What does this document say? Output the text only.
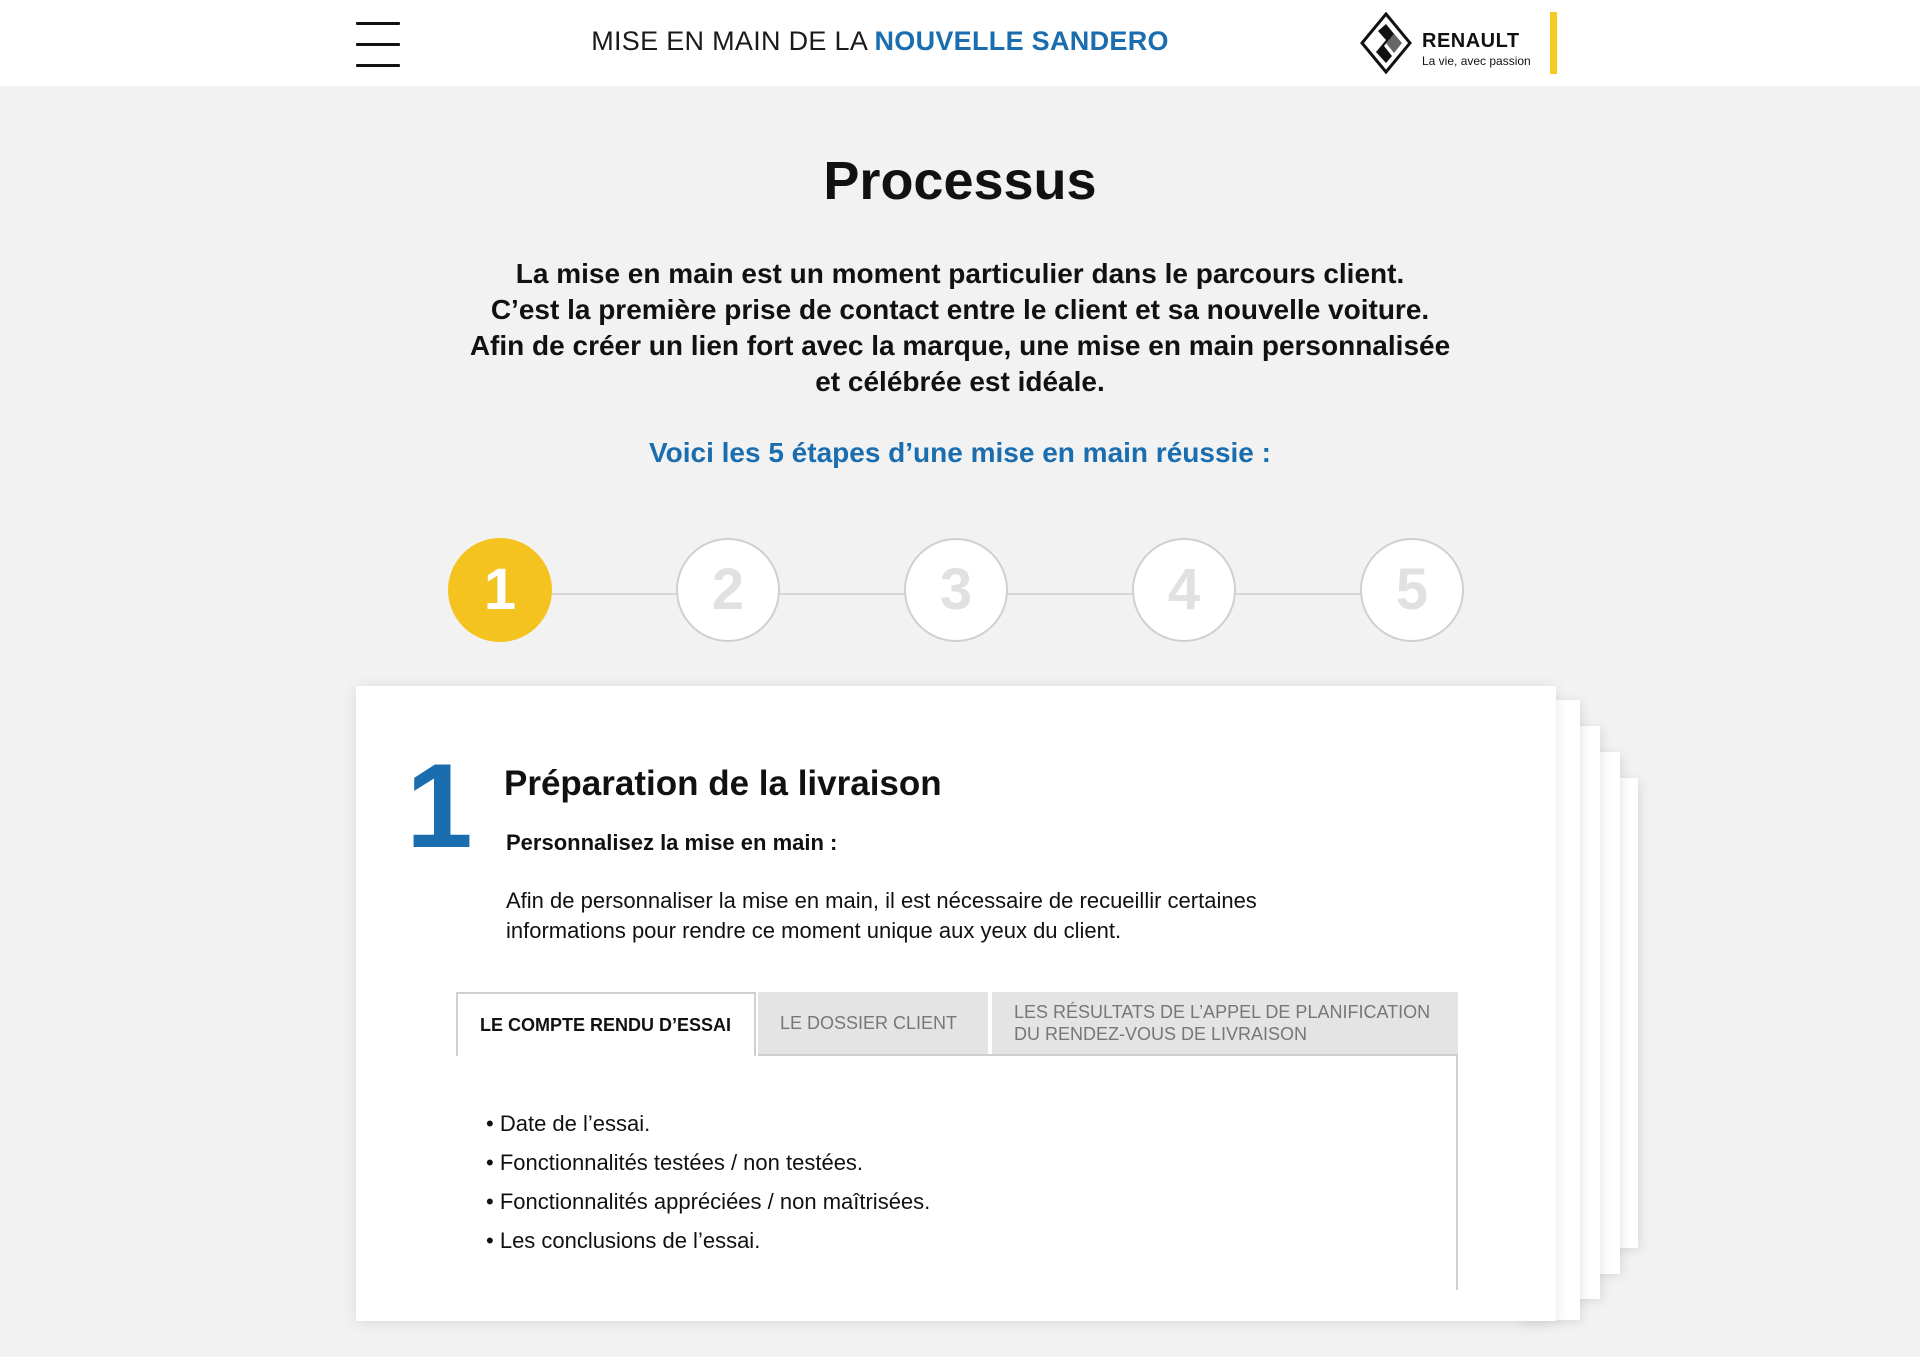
MISE EN MAIN DE LA NOUVELLE SANDERO	RENAULT
La vie, avec passion
Processus

La mise en main est un moment particulier dans le parcours client.

C’est la première prise de contact entre le client et sa nouvelle voiture.

Afin de créer un lien fort avec la marque, une mise en main personnalisée

et célébrée est idéale.

Voici les 5 étapes d’une mise en main réussie :
1	2	3	4	5
1 Préparation de la livraison
Personnalisez la mise en main :

Afin de personnaliser la mise en main, il est nécessaire de recueillir certaines

informations pour rendre ce moment unique aux yeux du client.

LE COMPTE RENDU D’ESSAI	LE DOSSIER CLIENT
LES RÉSULTATS DE L’APPEL DE PLANIFICATION
DU RENDEZ-VOUS DE LIVRAISON
• Date de l’essai.
• Fonctionnalités testées / non testées.
• Fonctionnalités appréciées / non maîtrisées.
• Les conclusions de l’essai.
